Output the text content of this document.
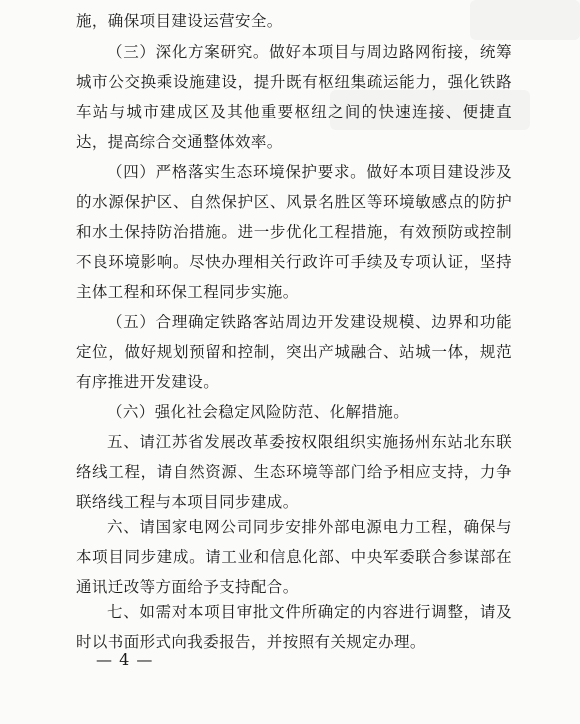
施，确保项目建设运营安全。

（三）深化方案研究。做好本项目与周边路网衔接，统筹城市公交换乘设施建设，提升既有枢纽集疏运能力，强化铁路车站与城市建成区及其他重要枢纽之间的快速连接、便捷直达，提高综合交通整体效率。

（四）严格落实生态环境保护要求。做好本项目建设涉及的水源保护区、自然保护区、风景名胜区等环境敏感点的防护和水土保持防治措施。进一步优化工程措施，有效预防或控制不良环境影响。尽快办理相关行政许可手续及专项认证，坚持主体工程和环保工程同步实施。

（五）合理确定铁路客站周边开发建设规模、边界和功能定位，做好规划预留和控制，突出产城融合、站城一体，规范有序推进开发建设。

（六）强化社会稳定风险防范、化解措施。

五、请江苏省发展改革委按权限组织实施扬州东站北东联络线工程，请自然资源、生态环境等部门给予相应支持，力争联络线工程与本项目同步建成。

六、请国家电网公司同步安排外部电源电力工程，确保与本项目同步建成。请工业和信息化部、中央军委联合参谋部在通讯迁改等方面给予支持配合。

七、如需对本项目审批文件所确定的内容进行调整，请及时以书面形式向我委报告，并按照有关规定办理。

— 4 —
